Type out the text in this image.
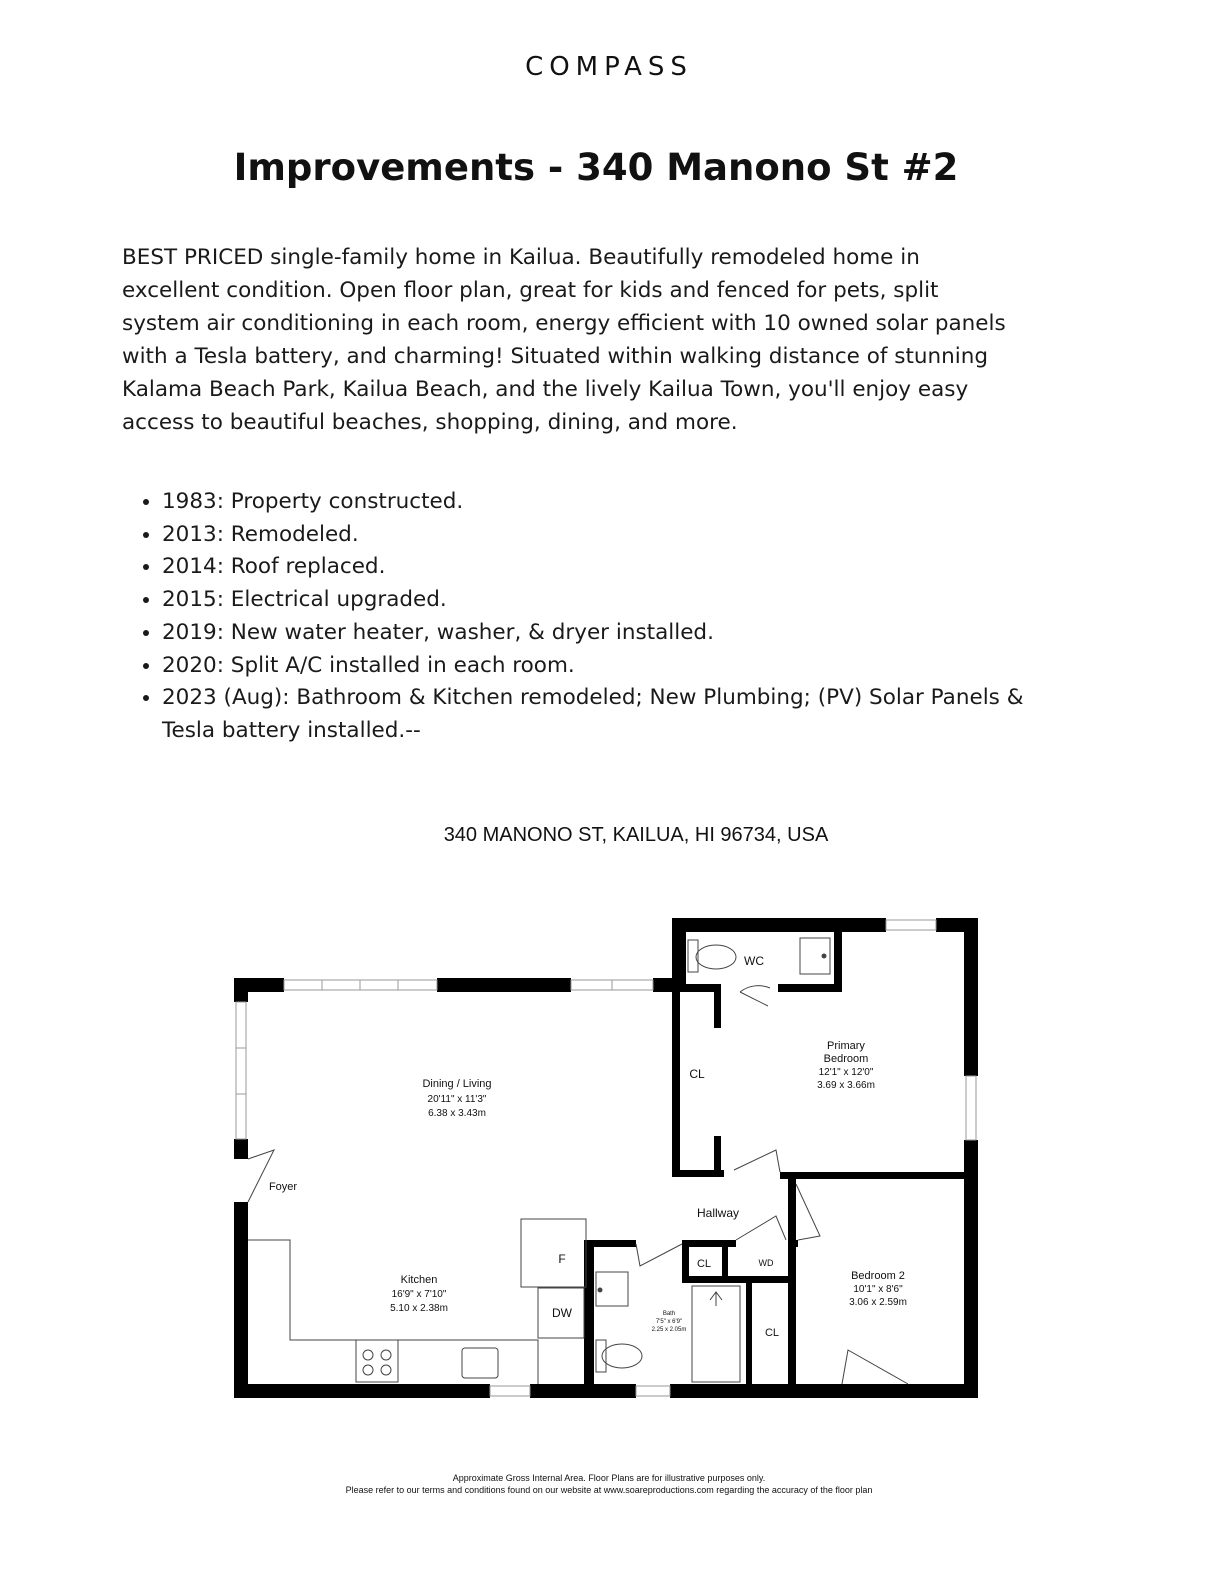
COMPASS
Improvements - 340 Manono St #2

BEST PRICED single-family home in Kailua. Beautifully remodeled home in excellent condition. Open floor plan, great for kids and fenced for pets, split system air conditioning in each room, energy efficient with 10 owned solar panels with a Tesla battery, and charming! Situated within walking distance of stunning Kalama Beach Park, Kailua Beach, and the lively Kailua Town, you'll enjoy easy access to beautiful beaches, shopping, dining, and more.

• 1983: Property constructed.
• 2013: Remodeled.
• 2014: Roof replaced.
• 2015: Electrical upgraded.
• 2019: New water heater, washer, & dryer installed.
• 2020: Split A/C installed in each room.
• 2023 (Aug): Bathroom & Kitchen remodeled; New Plumbing; (PV) Solar Panels & Tesla battery installed.--
340 MANONO ST, KAILUA, HI 96734, USA
WC
CL
Primary
Bedroom
12'1" x 12'0"
3.69 x 3.66m
Dining / Living
20'11" x 11'3"
6.38 x 3.43m
Foyer
Hallway
F	CL	WD
Bedroom 2
10'1" x 8'6"
3.06 x 2.59m
Kitchen
16'9" x 7'10"
5.10 x 2.38m	DW	Bath
7'5" x 6'9"
2.25 x 2.05m	CL
Approximate Gross Internal Area. Floor Plans are for illustrative purposes only.
Please refer to our terms and conditions found on our website at www.soareproductions.com regarding the accuracy of the floor plan
